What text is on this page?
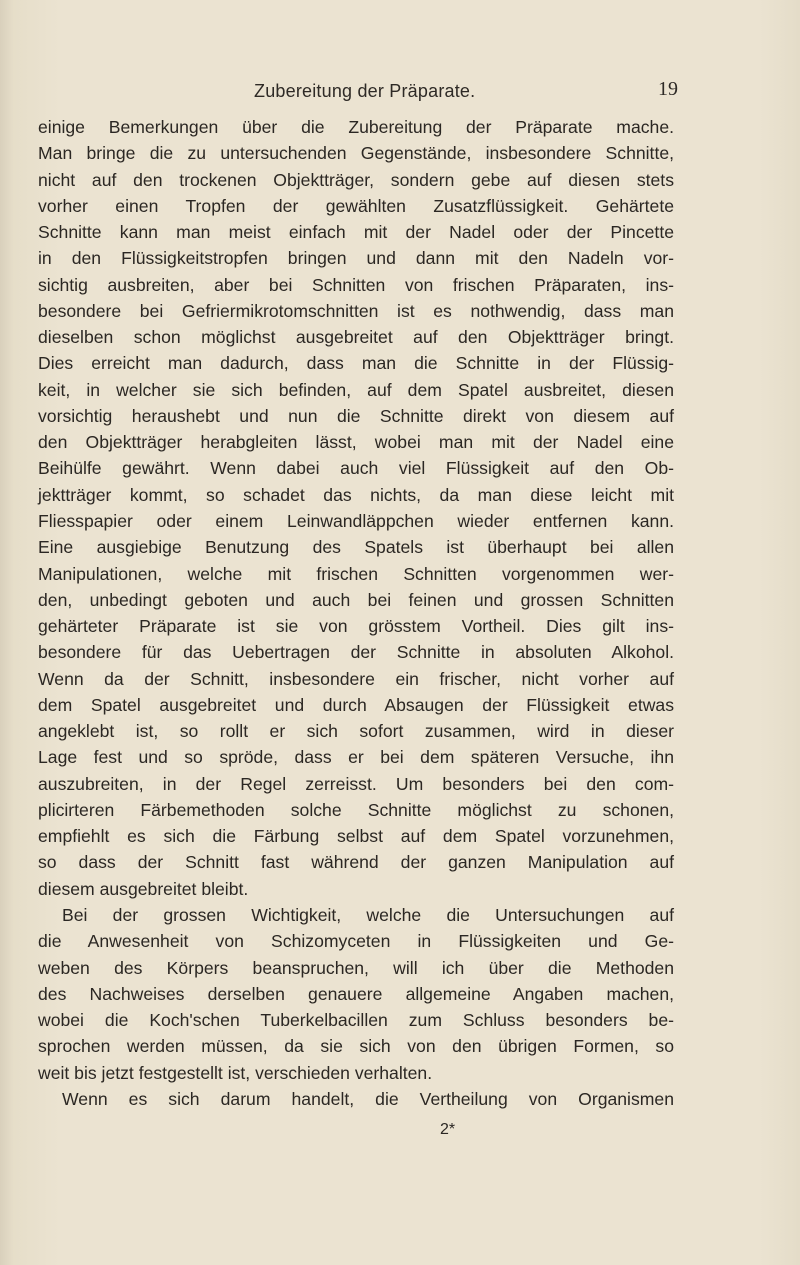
Zubereitung der Präparate.	19
einige Bemerkungen über die Zubereitung der Präparate mache.
Man bringe die zu untersuchenden Gegenstände, insbesondere Schnitte,
nicht auf den trockenen Objektträger, sondern gebe auf diesen stets
vorher einen Tropfen der gewählten Zusatzflüssigkeit. Gehärtete
Schnitte kann man meist einfach mit der Nadel oder der Pincette
in den Flüssigkeitstropfen bringen und dann mit den Nadeln vor-
sichtig ausbreiten, aber bei Schnitten von frischen Präparaten, ins-
besondere bei Gefriermikrotomschnitten ist es nothwendig, dass man
dieselben schon möglichst ausgebreitet auf den Objektträger bringt.
Dies erreicht man dadurch, dass man die Schnitte in der Flüssig-
keit, in welcher sie sich befinden, auf dem Spatel ausbreitet, diesen
vorsichtig heraushebt und nun die Schnitte direkt von diesem auf
den Objektträger herabgleiten lässt, wobei man mit der Nadel eine
Beihülfe gewährt. Wenn dabei auch viel Flüssigkeit auf den Ob-
jektträger kommt, so schadet das nichts, da man diese leicht mit
Fliesspapier oder einem Leinwandläppchen wieder entfernen kann.
Eine ausgiebige Benutzung des Spatels ist überhaupt bei allen
Manipulationen, welche mit frischen Schnitten vorgenommen wer-
den, unbedingt geboten und auch bei feinen und grossen Schnitten
gehärteter Präparate ist sie von grösstem Vortheil. Dies gilt ins-
besondere für das Uebertragen der Schnitte in absoluten Alkohol.
Wenn da der Schnitt, insbesondere ein frischer, nicht vorher auf
dem Spatel ausgebreitet und durch Absaugen der Flüssigkeit etwas
angeklebt ist, so rollt er sich sofort zusammen, wird in dieser
Lage fest und so spröde, dass er bei dem späteren Versuche, ihn
auszubreiten, in der Regel zerreisst. Um besonders bei den com-
plicirteren Färbemethoden solche Schnitte möglichst zu schonen,
empfiehlt es sich die Färbung selbst auf dem Spatel vorzunehmen,
so dass der Schnitt fast während der ganzen Manipulation auf
diesem ausgebreitet bleibt.
Bei der grossen Wichtigkeit, welche die Untersuchungen auf
die Anwesenheit von Schizomyceten in Flüssigkeiten und Ge-
weben des Körpers beanspruchen, will ich über die Methoden
des Nachweises derselben genauere allgemeine Angaben machen,
wobei die Koch'schen Tuberkelbacillen zum Schluss besonders be-
sprochen werden müssen, da sie sich von den übrigen Formen, so
weit bis jetzt festgestellt ist, verschieden verhalten.
Wenn es sich darum handelt, die Vertheilung von Organismen
2*
